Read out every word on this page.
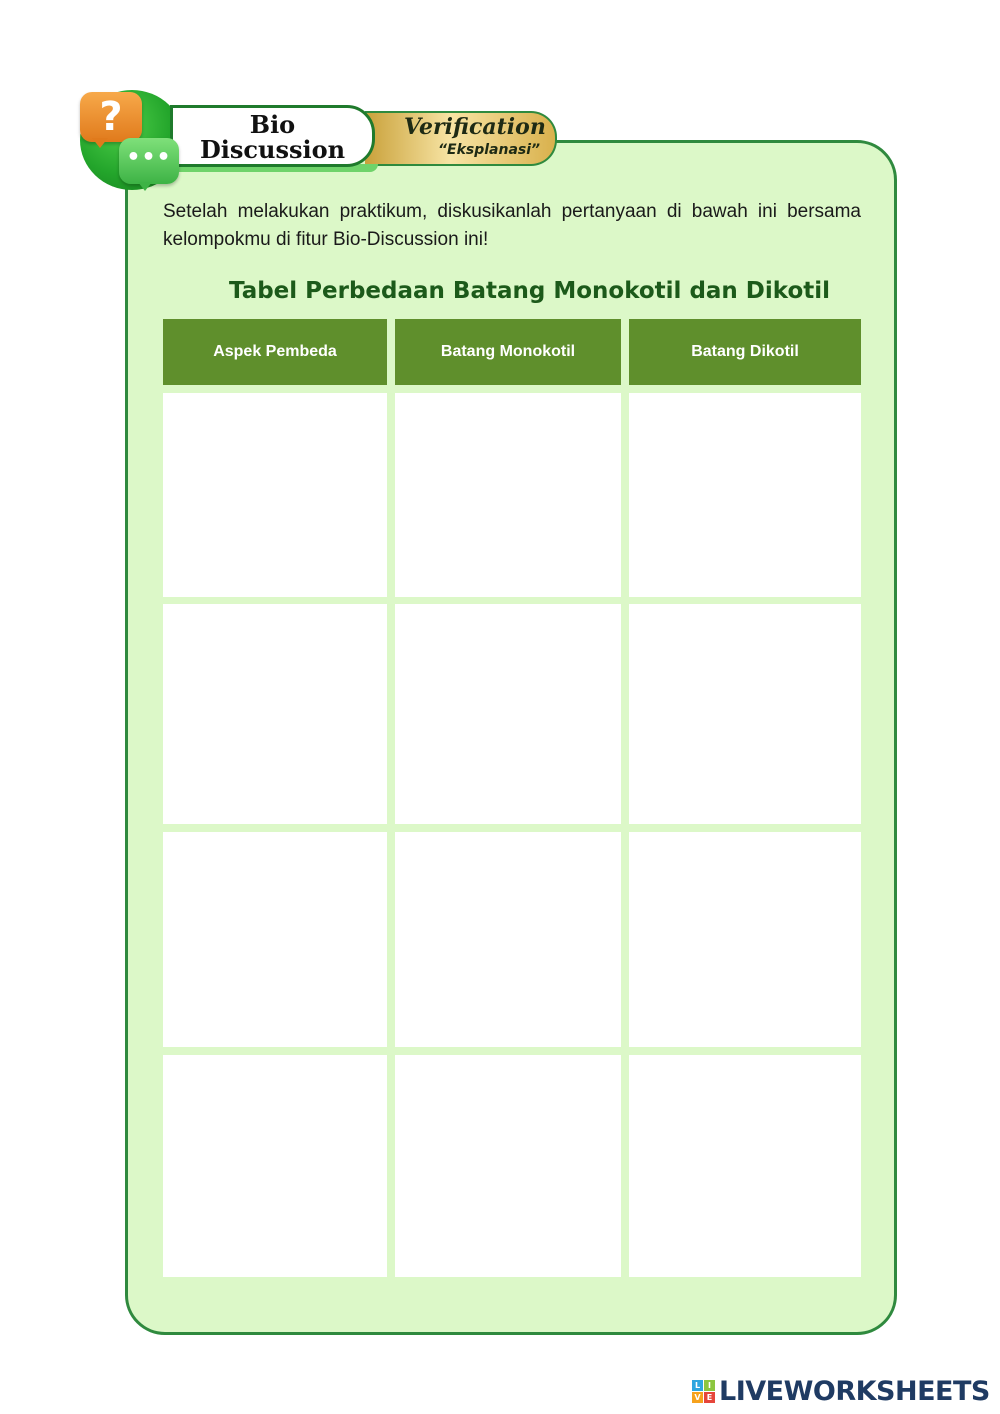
Verification
“Eksplanasi”
Bio
Discussion
?
•••
Setelah melakukan praktikum, diskusikanlah pertanyaan di bawah ini bersama kelompokmu di fitur Bio-Discussion ini!
Tabel Perbedaan Batang Monokotil dan Dikotil
Aspek Pembeda	Batang Monokotil	Batang Dikotil
L I
V E LIVEWORKSHEETS
